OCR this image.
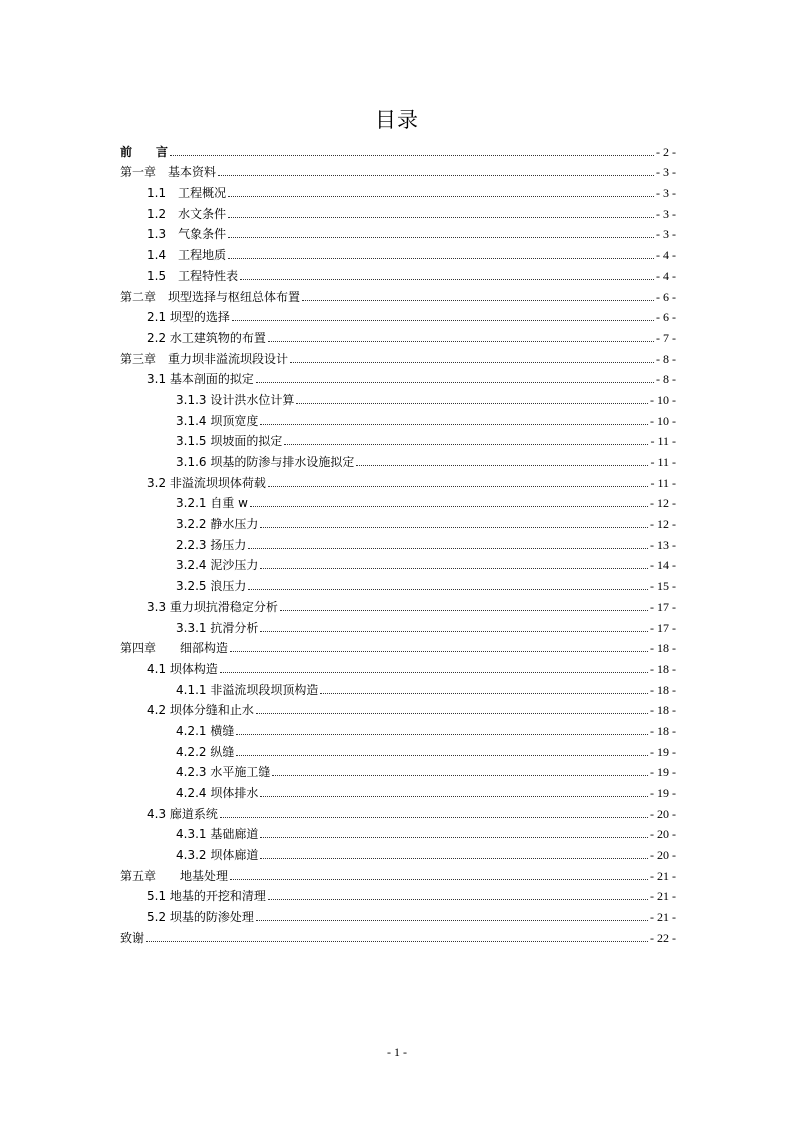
目录
前　　言	- 2 -
第一章　基本资料	- 3 -
1.1　工程概况	- 3 -
1.2　水文条件	- 3 -
1.3　气象条件	- 3 -
1.4　工程地质	- 4 -
1.5　工程特性表	- 4 -
第二章　坝型选择与枢纽总体布置	- 6 -
2.1 坝型的选择	- 6 -
2.2 水工建筑物的布置	- 7 -
第三章　重力坝非溢流坝段设计	- 8 -
3.1 基本剖面的拟定	- 8 -
3.1.3 设计洪水位计算	- 10 -
3.1.4 坝顶宽度	- 10 -
3.1.5 坝坡面的拟定	- 11 -
3.1.6 坝基的防渗与排水设施拟定	- 11 -
3.2 非溢流坝坝体荷载	- 11 -
3.2.1 自重 w	- 12 -
3.2.2 静水压力	- 12 -
2.2.3 扬压力	- 13 -
3.2.4 泥沙压力	- 14 -
3.2.5 浪压力	- 15 -
3.3 重力坝抗滑稳定分析	- 17 -
3.3.1 抗滑分析	- 17 -
第四章　　细部构造	- 18 -
4.1 坝体构造	- 18 -
4.1.1 非溢流坝段坝顶构造	- 18 -
4.2 坝体分缝和止水	- 18 -
4.2.1 横缝	- 18 -
4.2.2 纵缝	- 19 -
4.2.3 水平施工缝	- 19 -
4.2.4 坝体排水	- 19 -
4.3 廊道系统	- 20 -
4.3.1 基础廊道	- 20 -
4.3.2 坝体廊道	- 20 -
第五章　　地基处理	- 21 -
5.1 地基的开挖和清理	- 21 -
5.2 坝基的防渗处理	- 21 -
致谢	- 22 -
- 1 -
